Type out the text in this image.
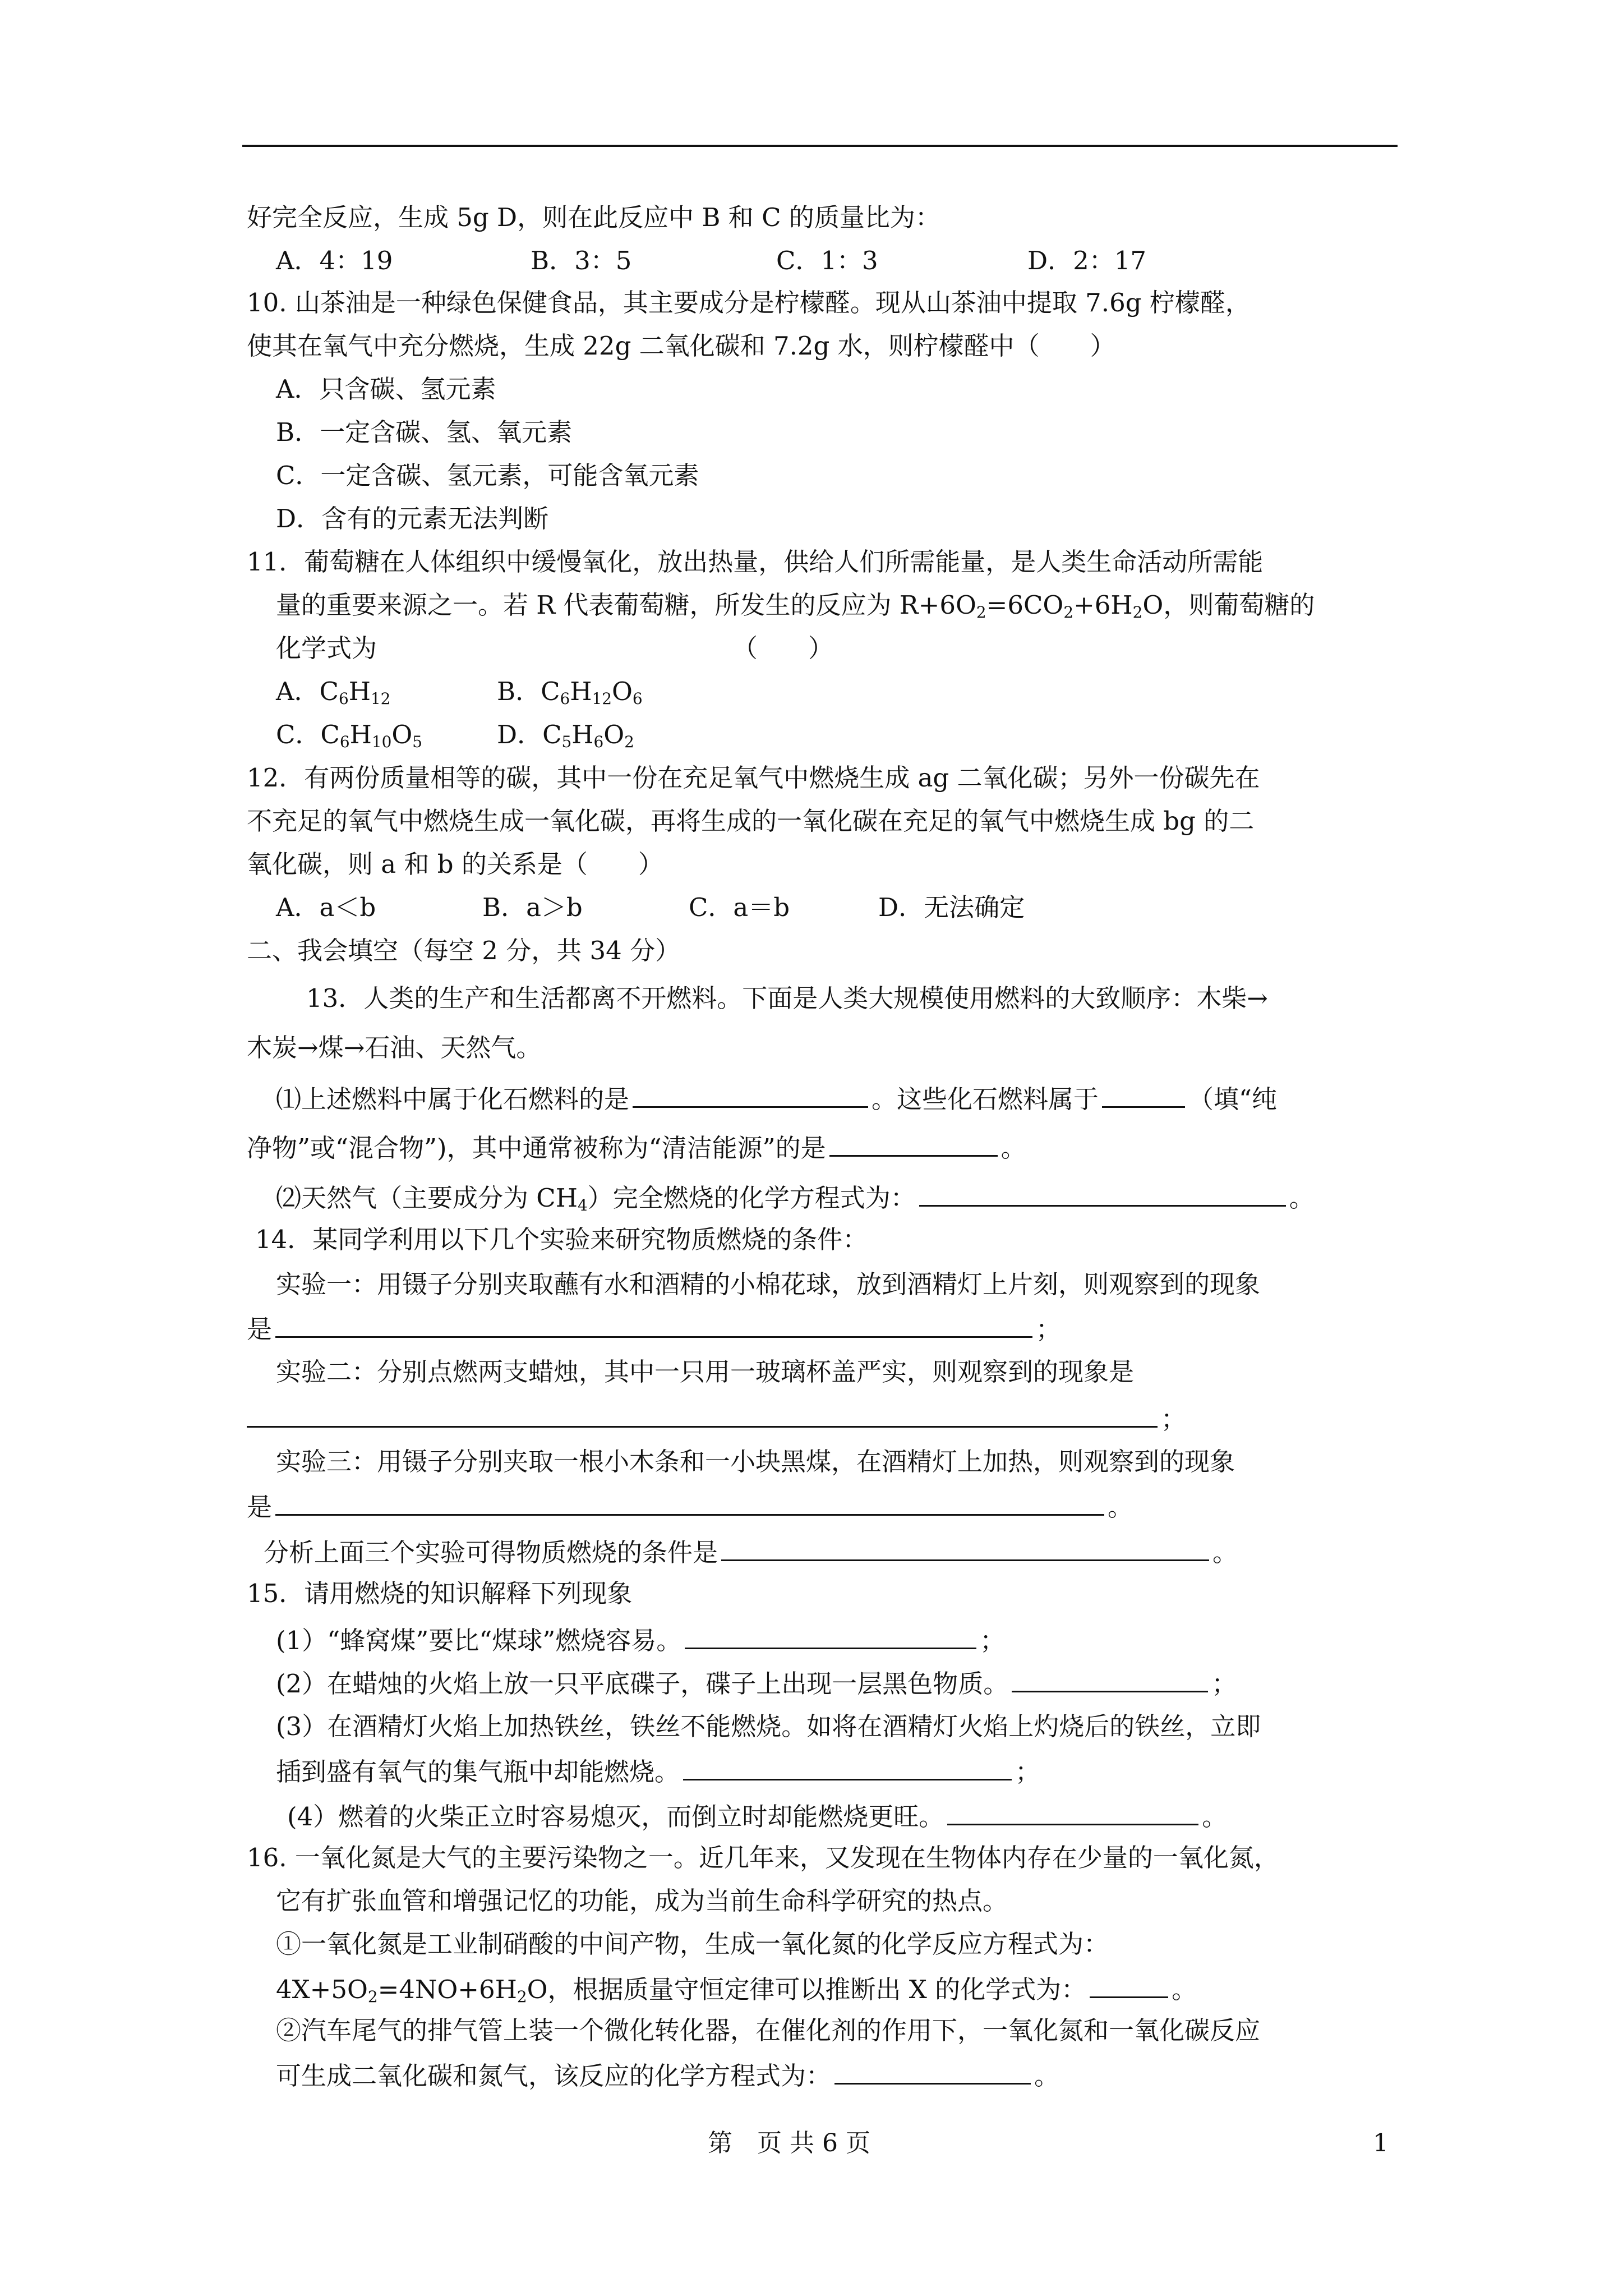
好完全反应，生成 5g D，则在此反应中 B 和 C 的质量比为：
A．4：19	B．3：5	C．1：3	D．2：17
10. 山茶油是一种绿色保健食品，其主要成分是柠檬醛。现从山茶油中提取 7.6g 柠檬醛，
使其在氧气中充分燃烧，生成 22g 二氧化碳和 7.2g 水，则柠檬醛中（　　）
A．只含碳、氢元素
B．一定含碳、氢、氧元素
C．一定含碳、氢元素，可能含氧元素
D．含有的元素无法判断
11．葡萄糖在人体组织中缓慢氧化，放出热量，供给人们所需能量，是人类生命活动所需能
量的重要来源之一。若 R 代表葡萄糖，所发生的反应为 $R+6O_2=6CO_2+6H_2O$，则葡萄糖的
化学式为	（　　）
A．$C_6H_{12}$	B．$C_6H_{12}O_6$
C．$C_6H_{10}O_5$	D．$C_5H_6O_2$
12．有两份质量相等的碳，其中一份在充足氧气中燃烧生成 ag 二氧化碳；另外一份碳先在
不充足的氧气中燃烧生成一氧化碳，再将生成的一氧化碳在充足的氧气中燃烧生成 bg 的二
氧化碳，则 a 和 b 的关系是（　　）
A．a＜b	B．a＞b	C．a＝b	D．无法确定
二、我会填空（每空 2 分，共 34 分）
13．人类的生产和生活都离不开燃料。下面是人类大规模使用燃料的大致顺序：木柴→
木炭→煤→石油、天然气。
⑴上述燃料中属于化石燃料的是	。这些化石燃料属于	（填“纯
净物”或“混合物”)，其中通常被称为“清洁能源”的是	。
⑵天然气（主要成分为 $CH_4$）完全燃烧的化学方程式为：	。
14．某同学利用以下几个实验来研究物质燃烧的条件：
实验一：用镊子分别夹取蘸有水和酒精的小棉花球，放到酒精灯上片刻，则观察到的现象
是	；
实验二：分别点燃两支蜡烛，其中一只用一玻璃杯盖严实，则观察到的现象是
；
实验三：用镊子分别夹取一根小木条和一小块黑煤，在酒精灯上加热，则观察到的现象
是	。
分析上面三个实验可得物质燃烧的条件是	。
15．请用燃烧的知识解释下列现象
(1）“蜂窝煤”要比“煤球”燃烧容易。	；
(2）在蜡烛的火焰上放一只平底碟子，碟子上出现一层黑色物质。	；
(3）在酒精灯火焰上加热铁丝，铁丝不能燃烧。如将在酒精灯火焰上灼烧后的铁丝，立即
插到盛有氧气的集气瓶中却能燃烧。	；
(4）燃着的火柴正立时容易熄灭，而倒立时却能燃烧更旺。	。
16. 一氧化氮是大气的主要污染物之一。近几年来，又发现在生物体内存在少量的一氧化氮，
它有扩张血管和增强记忆的功能，成为当前生命科学研究的热点。
①一氧化氮是工业制硝酸的中间产物，生成一氧化氮的化学反应方程式为：
$4X+5O_2=4NO+6H_2O$，根据质量守恒定律可以推断出 X 的化学式为：	。
②汽车尾气的排气管上装一个微化转化器，在催化剂的作用下，一氧化氮和一氧化碳反应
可生成二氧化碳和氮气，该反应的化学方程式为：	。
第　页 共 6 页	1
